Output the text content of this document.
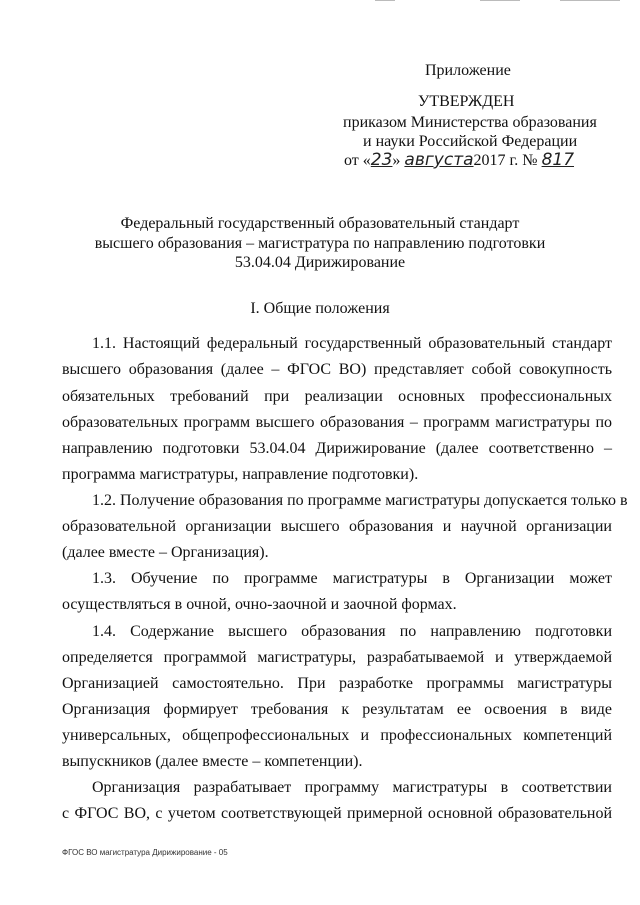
Приложение
УТВЕРЖДЕН
приказом Министерства образования
и науки Российской Федерации
от «23» августа2017 г. № 817
Федеральный государственный образовательный стандарт
высшего образования – магистратура по направлению подготовки
53.04.04 Дирижирование
I. Общие положения
1.1. Настоящий федеральный государственный образовательный стандарт
высшего образования (далее – ФГОС ВО) представляет собой совокупность
обязательных требований при реализации основных профессиональных
образовательных программ высшего образования – программ магистратуры по
направлению подготовки 53.04.04 Дирижирование (далее соответственно –
программа магистратуры, направление подготовки).
1.2. Получение образования по программе магистратуры допускается только в
образовательной организации высшего образования и научной организации
(далее вместе – Организация).
1.3. Обучение по программе магистратуры в Организации может
осуществляться в очной, очно-заочной и заочной формах.
1.4. Содержание высшего образования по направлению подготовки
определяется программой магистратуры, разрабатываемой и утверждаемой
Организацией самостоятельно. При разработке программы магистратуры
Организация формирует требования к результатам ее освоения в виде
универсальных, общепрофессиональных и профессиональных компетенций
выпускников (далее вместе – компетенции).
Организация разрабатывает программу магистратуры в соответствии
с ФГОС ВО, с учетом соответствующей примерной основной образовательной
ФГОС ВО магистратура Дирижирование - 05
